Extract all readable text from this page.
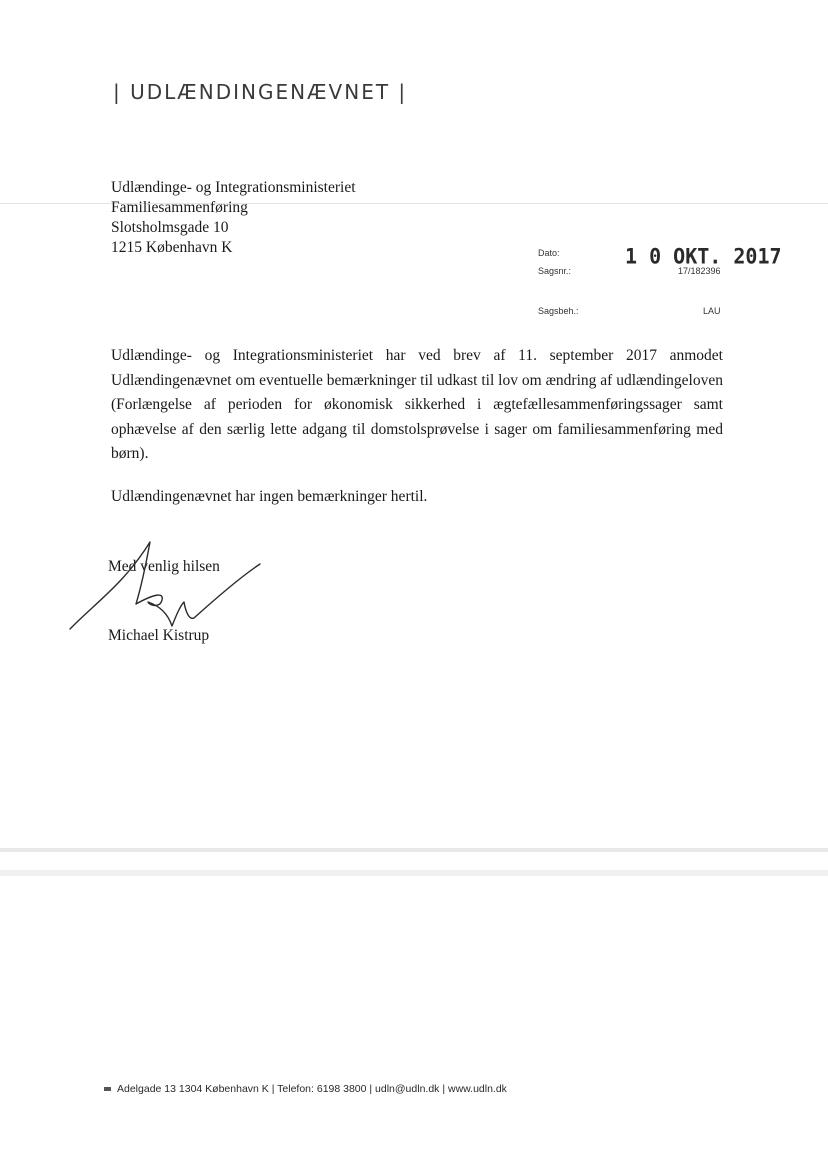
| UDLÆNDINGENÆVNET |
Udlændinge- og Integrationsministeriet
Familiesammenføring
Slotsholmsgade 10
1215 København K	Dato:	1 0 OKT. 2017
Sagsnr.:	17/182396
Sagsbeh.:	LAU
Udlændinge- og Integrationsministeriet har ved brev af 11. september 2017 anmodet Udlændingenævnet om eventuelle bemærkninger til udkast til lov om ændring af udlændingeloven (Forlængelse af perioden for økonomisk sikkerhed i ægtefællesammenføringssager samt ophævelse af den særlig lette adgang til domstolsprøvelse i sager om familiesammenføring med børn).
Udlændingenævnet har ingen bemærkninger hertil.
Med venlig hilsen
Michael Kistrup
Adelgade 13 1304 København K | Telefon: 6198 3800 | udln@udln.dk | www.udln.dk
